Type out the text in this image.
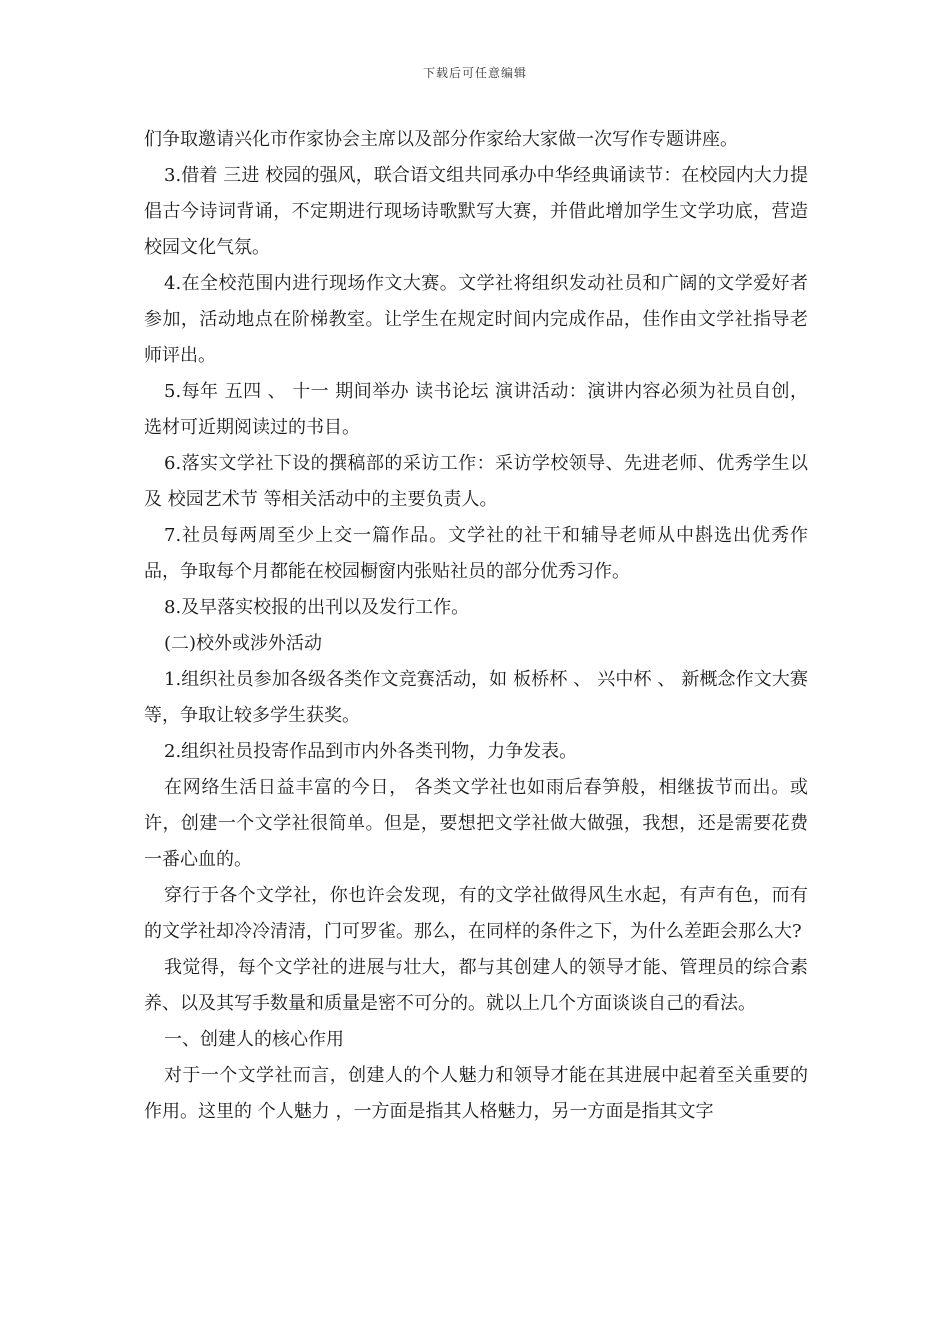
下载后可任意编辑

们争取邀请兴化市作家协会主席以及部分作家给大家做一次写作专题讲座。

3.借着 三进 校园的强风，联合语文组共同承办中华经典诵读节：在校园内大力提倡古今诗词背诵，不定期进行现场诗歌默写大赛，并借此增加学生文学功底，营造校园文化气氛。

4.在全校范围内进行现场作文大赛。文学社将组织发动社员和广阔的文学爱好者参加，活动地点在阶梯教室。让学生在规定时间内完成作品，佳作由文学社指导老师评出。

5.每年 五四 、 十一 期间举办 读书论坛 演讲活动：演讲内容必须为社员自创，选材可近期阅读过的书目。

6.落实文学社下设的撰稿部的采访工作：采访学校领导、先进老师、优秀学生以及 校园艺术节 等相关活动中的主要负责人。

7.社员每两周至少上交一篇作品。文学社的社干和辅导老师从中斟选出优秀作品，争取每个月都能在校园橱窗内张贴社员的部分优秀习作。

8.及早落实校报的出刊以及发行工作。

(二)校外或涉外活动

1.组织社员参加各级各类作文竞赛活动，如 板桥杯 、 兴中杯 、 新概念作文大赛 等，争取让较多学生获奖。

2.组织社员投寄作品到市内外各类刊物，力争发表。

在网络生活日益丰富的今日， 各类文学社也如雨后春笋般，相继拔节而出。或许，创建一个文学社很简单。但是，要想把文学社做大做强，我想，还是需要花费一番心血的。

穿行于各个文学社，你也许会发现，有的文学社做得风生水起，有声有色，而有的文学社却冷冷清清，门可罗雀。那么，在同样的条件之下，为什么差距会那么大?

我觉得，每个文学社的进展与壮大，都与其创建人的领导才能、管理员的综合素养、以及其写手数量和质量是密不可分的。就以上几个方面谈谈自己的看法。

一、创建人的核心作用

对于一个文学社而言，创建人的个人魅力和领导才能在其进展中起着至关重要的作用。这里的 个人魅力 ，一方面是指其人格魅力，另一方面是指其文字
